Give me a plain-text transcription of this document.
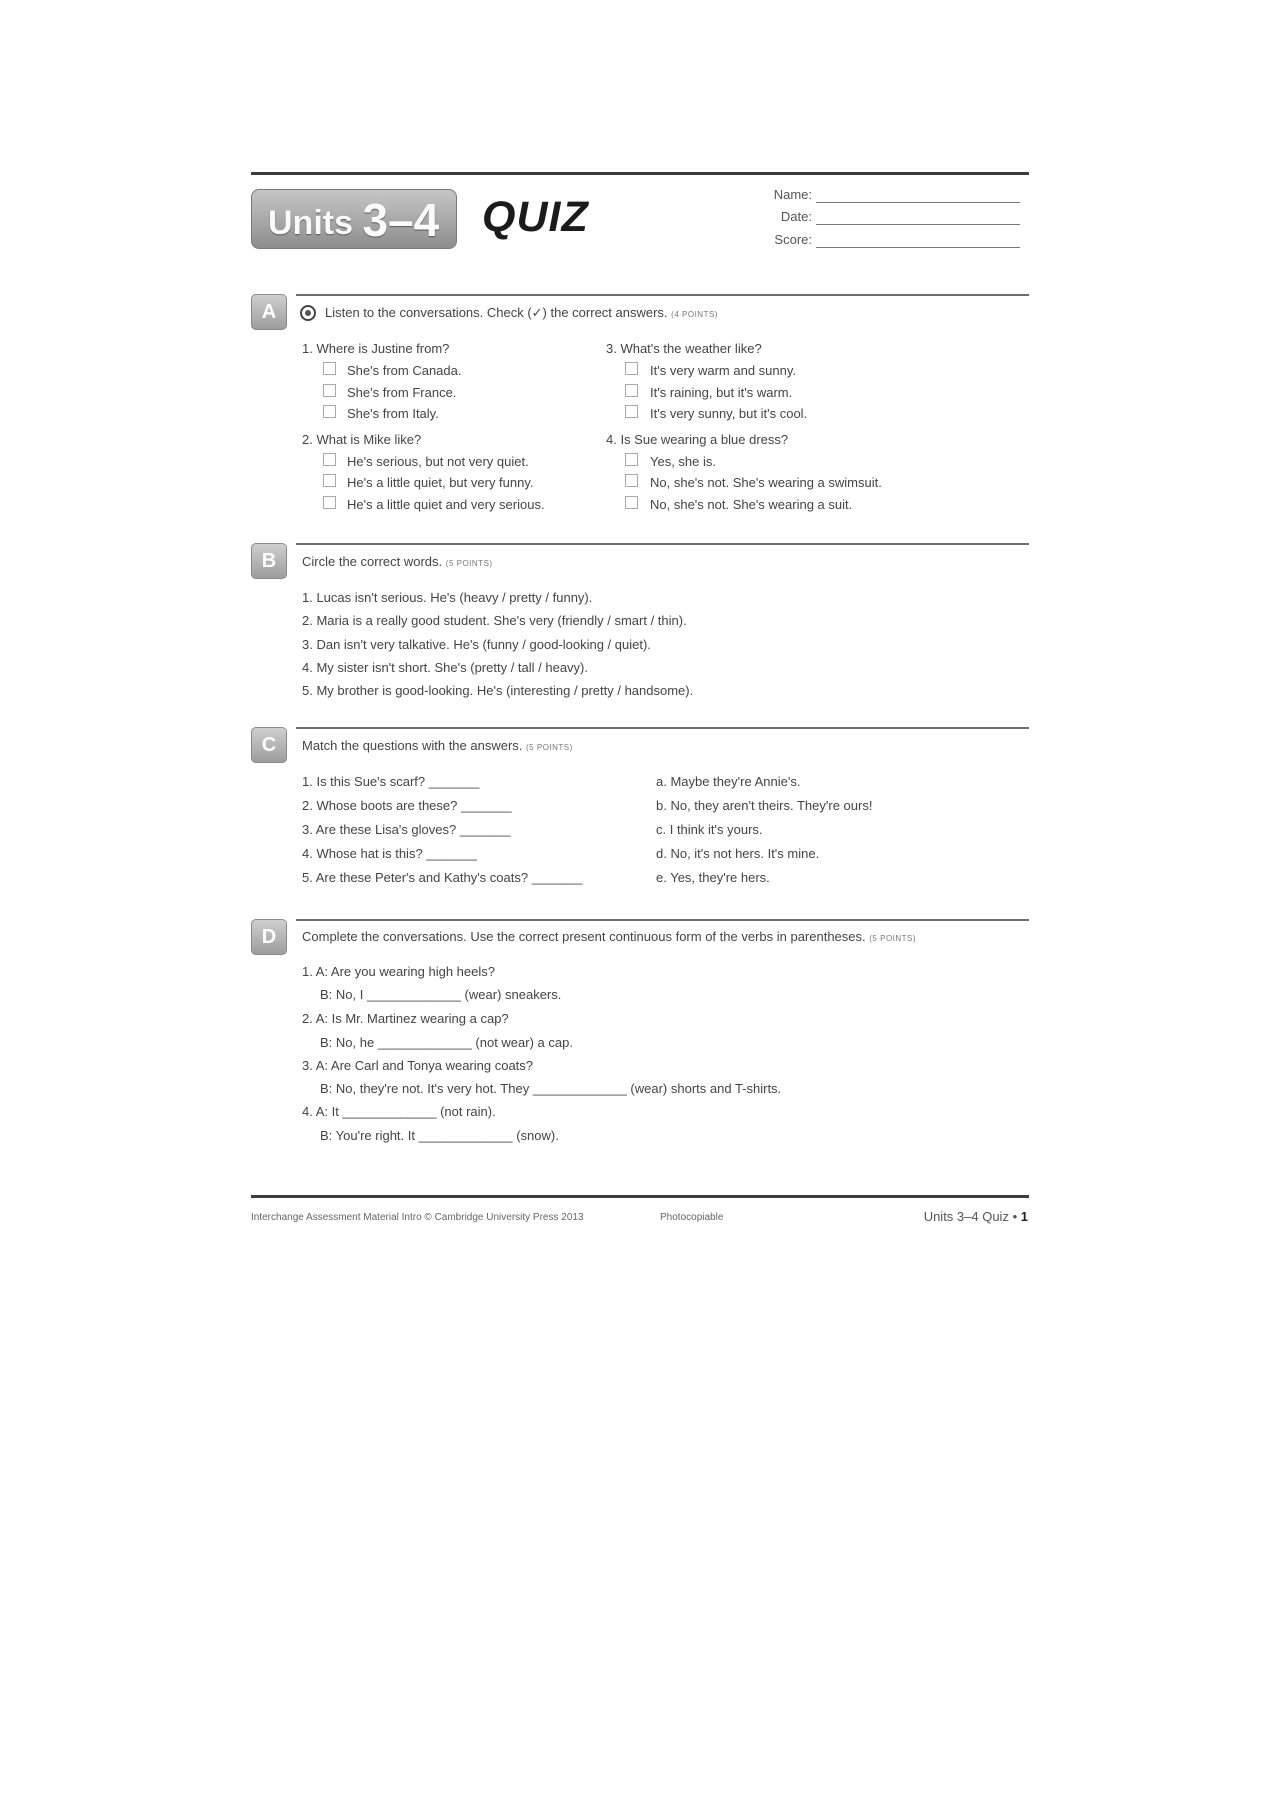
Units 3–4 QUIZ	Name:
Date:
Score:
A	Listen to the conversations. Check (✓) the correct answers. (4 POINTS)
1. Where is Justine from?
She's from Canada.
She's from France.
She's from Italy.
2. What is Mike like?
He's serious, but not very quiet.
He's a little quiet, but very funny.
He's a little quiet and very serious.
3. What's the weather like?
It's very warm and sunny.
It's raining, but it's warm.
It's very sunny, but it's cool.
4. Is Sue wearing a blue dress?
Yes, she is.
No, she's not. She's wearing a swimsuit.
No, she's not. She's wearing a suit.
B	Circle the correct words. (5 POINTS)
1. Lucas isn't serious. He's (heavy / pretty / funny).
2. Maria is a really good student. She's very (friendly / smart / thin).
3. Dan isn't very talkative. He's (funny / good-looking / quiet).
4. My sister isn't short. She's (pretty / tall / heavy).
5. My brother is good-looking. He's (interesting / pretty / handsome).
C	Match the questions with the answers. (5 POINTS)
1. Is this Sue's scarf? _______
2. Whose boots are these? _______
3. Are these Lisa's gloves? _______
4. Whose hat is this? _______
5. Are these Peter's and Kathy's coats? _______
a. Maybe they're Annie's.
b. No, they aren't theirs. They're ours!
c. I think it's yours.
d. No, it's not hers. It's mine.
e. Yes, they're hers.
D	Complete the conversations. Use the correct present continuous form of the verbs in parentheses. (5 POINTS)
1. A: Are you wearing high heels?
B: No, I _____________ (wear) sneakers.
2. A: Is Mr. Martinez wearing a cap?
B: No, he _____________ (not wear) a cap.
3. A: Are Carl and Tonya wearing coats?
B: No, they're not. It's very hot. They _____________ (wear) shorts and T-shirts.
4. A: It _____________ (not rain).
B: You're right. It _____________ (snow).
Interchange Assessment Material Intro © Cambridge University Press 2013	Photocopiable	Units 3–4 Quiz • 1
